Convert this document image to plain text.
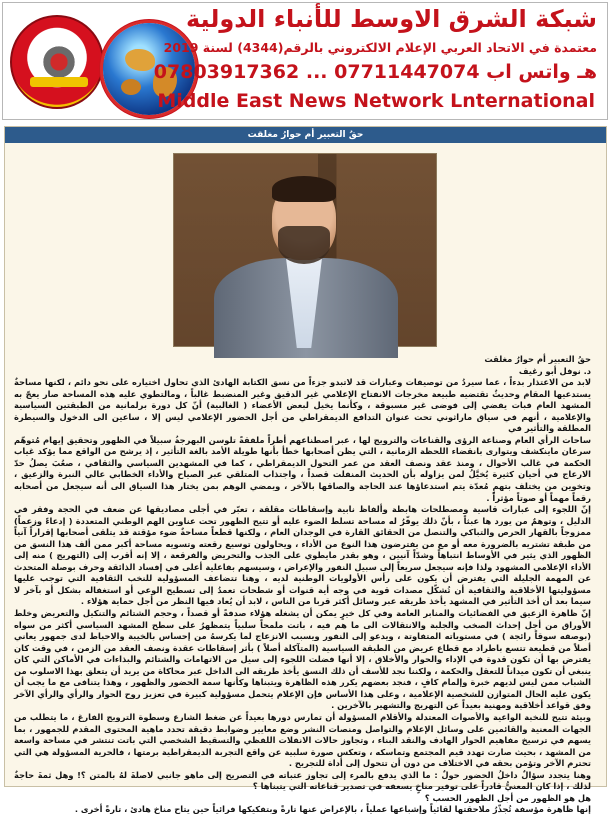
شبكة الشرق الاوسط للأنباء الدولية
معتمدة في الاتحاد العربي الإعلام الالكتروني بالرقم(4344) لسنة 2019
هـ واتس اب 07711447074 ... 07803917362
Middle East News Network Lnternational
حقُ التعبير أم حوارُ مغلقت

حقُ التعبير أم حوارُ مغلقت

د. نوفل أبو رغيف

لابد من الاعتذار بدءاً ، عما سيردُ من توصيفات وعبارات قد لاتبدو جزءاً من نسق الكتابة الهادئ الذي تحاول اختياره على نحو دائم ، لكنها مساحةٌ يستدعيها المقام وحديثٌ تقتضيه طبيعة مخرجات الانفتاح الإعلامي غير الدقيق وغير المنضبط غالباً ، ومالتطوي عليه هذه المساحة صار يعجّ به المشهد العام فبات يفضي إلى فوضى غير مسبوقة ، وكأنما يخيل لبعض الأعضاء ( الغالبية) أنّ كل دورة برلمانية من الطبقتين السياسية والإعلامية ، أنهم في سياق ماراثوني تحت عنوان التدافع الديمقراطي من أجل الحضور الإعلامي ليس إلا ، ساعين الى الدخول والسيطرة المطلقة والتأثير في

ساحات الرأي العام وصناعة الرؤى والقناعات والترويج لها ، عبر اصطناعهم أطراً ملفقةً تلوسن البهرجةُ سبيلاً في الظهور وتحقيق إيهام مُتوهّم سرعان ماينكشف ويتوارى بانقضاء اللحظة الزمانية ، التي يظن أصحابها خطأ بأنها طويلة الأمد بالغة التأثير ، إذ يرشح من الواقع مما يؤكد غياب الحكمة في غالب الأحوال ، ومنذ عقد ونصف العقد من عمر التحول الديمقراطي ، كما في المشهدين السياسي والثقافي ، صعُبَ يصلُ حدّ الارعاج في أحيان كثيرة يُخيَّلُ لمن يزاوله بأن الحديث المنفلت قصداً ، واجتذاب المتلقي عبر الصياح والأداء الخطابي عالي النبرة والزعيق ، وتخوين من يختلف بتهمٍ مُعدّة يتم استدعاؤها عند الحاجة والصاقها بالآخر ، ويمضي الوهم بمن يختار هذا السياق الى أنه سيجعل من أصحابه رقماً مهماً أو صوتاً مؤثراً .

إنّ اللجوء إلى عبارات قاسية ومصطلحات هابطة وألفاظ نابية وإسقاطات مقلقة ، تعبّر في أجلى مصاديقها عن ضعف في الحجة وفقر في الدليل ، وتوهمٌ من يورد ها عبثاً ، بأنّ ذلك يوفّرُ له مساحة تسلط الضوء عليه أو تتيح الظهور تحت عناوين الهم الوطني المتعددة ( إدعاءً وزعماً) ممزوجاً بالقهار الحرص والتباكي والتنصل من الحقائق القارة في الوجدان العام ، ولكنها قطعاً مساحةٌ ضوء مؤقتة قد يتلقى أصحابها إقراراً آنياً من طبقة تشتريه بالضرورة معه أو مع من يفترضون هذا النوع من الأداء ، ويحاولون توسيع رقعته وتسويه مساحة أكبر ممن ألف هذا النسق من الظهور الذي يثير في الأوساط انتباهاً وشدّاً آنيين ، وهو بقدر مايطوي على الجذب والتحريض والفرقعة ، إلا إنه أقرب إلى (التهريج ) منه إلى الأداء الإعلامي المشهود ولذا فإنه سيجعل سريعاً إلى سبيل النفور والإعراض ، وسيسهم بفاعلية أعلى في إفساد الذائقة وحرف بوصلة المتحدث عن المهمة الجليلة التي يفترض أن يكون على رأس الأولويات الوطنية لديه ، وهنا تتضاعف المسؤولية للنخب الثقافية التي توجب عليها مسؤوليتها الأخلاقية والثقافية أن تُشكّل مصدات قوية في وجه أية قنوات أو شطحات تعمدُ إلى تسطيح الوعي أو استغفاله بشكل أو بآخر لا سيما بعد أن أخذ التأثير في المشهد يأخذ طريقه عبر وسائل أكثر قربا من الناس ، لابد أن يُعاد فيها النظر من أجل حماية هؤلاء .

إنّ ظاهرة الزعيق في الفضائيات والمنابر العامة وفي كل خيرٍ يمكن أن يشغله هؤلاء صدفةً أو قصداً ، وحجم الشتائم والتنكيل والتعريض وخلط الأوراق من أجل إحداث الصخب والجلبة والانتقالات الى ما هم فيه ، باتت ملمحاً سلبياً يتمظهرُ على سطح المشهد السياسي أكثر من سواه (بوصفه سوقاً رائجة ) في مستوياته المتفاوتة ، ويدعو إلى النفور ويسبب الانزعاج لما يكرسهُ من إحساس بالخيبة والاحباط لدى جمهور يعاني أصلاً من قطيعة تتسع باطراد مع قطاع عريض من الطبقة السياسية (المتآكلة أصلاً ) بأثر إسقاطات عقدة ونصف العقد من الزمن ، في وقت كان يفترض بها أن تكون قدوة في الإداء والحوار والأخلاق ، إلا أنها فضلت اللجوء إلى سيل من الاتهامات والشتائم والبذاءات في الأماكن التي كان ينبغي أن تكون ميداناً للتعقل والحكمة ، ولكننا نجد للأسف أن ذلك النسق يأخذ طريقه الى الداخل عبر محاكاة من يريد أن يتعلق بهذا الاسلوب من الشباب ممن ليس لديهم خبرة وإلمام كافٍ ، فنجد بعضهم يكرر هذه الظاهرة ويتبناها وكأنها سمة الحضور والظهور ، وهذا يتنافى مع ما يجب أن يكون عليه الحال المتوازن للشخصية الإعلامية ، وعلى هذا الأساس فإن الإعلام يتحمل مسؤولية كبيرة في تعزيز روح الحوار والرأي والرأي الآخر وفق قواعد أخلاقية ومهنية بعيداً عن التهريج والتشهير بالآخرين .

وبيئة تتيح للنخبة الواعية والأصوات المعتدلة والأقلام المسؤولة أن تمارس دورها بعيداً عن ضغط الشارع وسطوة الترويج الفارغ ، ما يتطلب من الجهات المعنية والقائمين على وسائل الإعلام والتواصل ومنصات النشر وضع معايير وضوابط دقيقة تحدد ماهية المحتوى المقدم للجمهور ، بما يسهم في ترسيخ مفاهيم الحوار الهادف والنقد البناء ، وتجاوز حالات الانفلات اللفظي والتسقيط الشخصي التي باتت تنتشر في مساحة واسعة من المشهد ، بحيث صارت تهدد قيم المجتمع وتماسكه ، وتعكس صورة سلبية عن واقع التجربة الديمقراطية برمتها ، فالحرية المسؤولة هي التي تحترم الآخر وتؤمن بحقه في الاختلاف من دون أن تتحول إلى أداة للتجريح .

وهنا يتجدد سؤالٌ داخلُ الحضور حولٌ : ما الذي يدفع بالمرء إلى تجاوز عتباته في التصريح إلى ماهو جانبي لاصلةَ لهُ بالمتن ؟! وهل ثمةَ حاجةٌ لذلك ، إذا كان المعنيُّ قادراً على توفير مناخٍ يسعفه في تصدير قناعاته التي يتبناها ؟

هل هو الظهور من أجل الظهور الحسب ؟

إنها ظاهرة مؤسفة تُجذّرُ ملاحقتها لقائياً وإشباعها عملياً ، بالإعراض عنها تارةً وبتفكيكها فرائياً حين يتاح مناخ هادئ ، تارةً أخرى .
